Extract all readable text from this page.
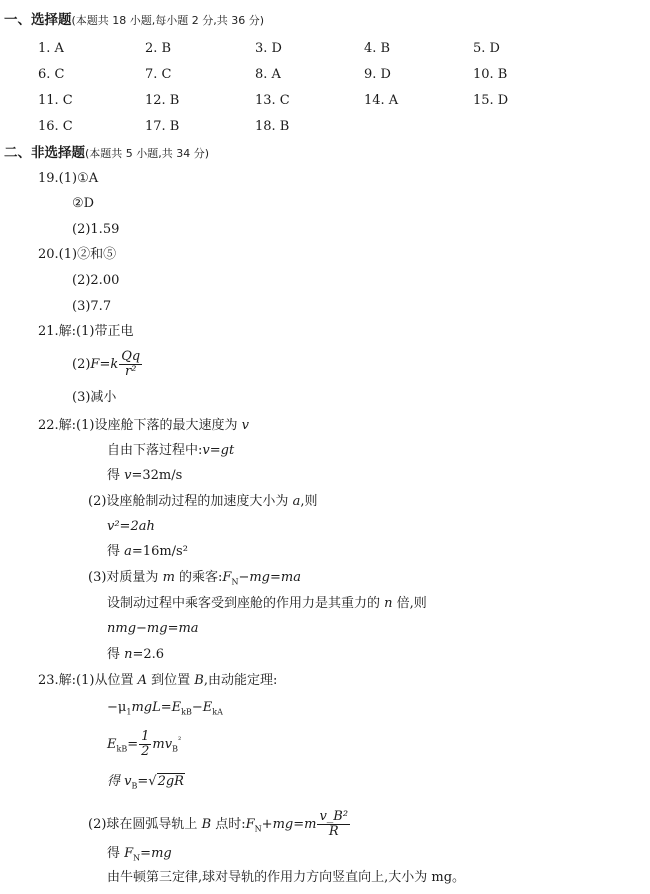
一、选择题(本题共 18 小题,每小题 2 分,共 36 分)
1. A	2. B	3. D	4. B	5. D
6. C	7. C	8. A	9. D	10. B
11. C	12. B	13. C	14. A	15. D
16. C	17. B	18. B
二、非选择题(本题共 5 小题,共 34 分)
19.(1)①A
②D
(2)1.59
20.(1)②和⑤
(2)2.00
(3)7.7
21.解:(1)带正电
$(2)F=k \frac{Qq}{\text{r²}}$
(3)减小
22.解:(1)设座舱下落的最大速度为 v
自由下落过程中:v=gt
得 v=32m/s
(2)设座舱制动过程的加速度大小为 a,则
v²=2ah
得 a=16m/s²
(3)对质量为 m 的乘客$:F_N-mg=ma$
设制动过程中乘客受到座舱的作用力是其重力的 n 倍,则
nmg−mg=ma
得 n=2.6
23.解:(1)从位置 A 到位置 B,由动能定理:
$-\mu_1mgL=E_{kB}-E_{kA}$
$E_{kB}= \frac{1}{2} mv_B^{^2}$
得 $v_B=√2gR$
(2)球在圆弧导轨上 B 点时$:F_N+mg=m \frac{\text{v\_B²}}{R}$
得 $F_N=mg$
由牛顿第三定律,球对导轨的作用力方向竖直向上,大小为 mg。
